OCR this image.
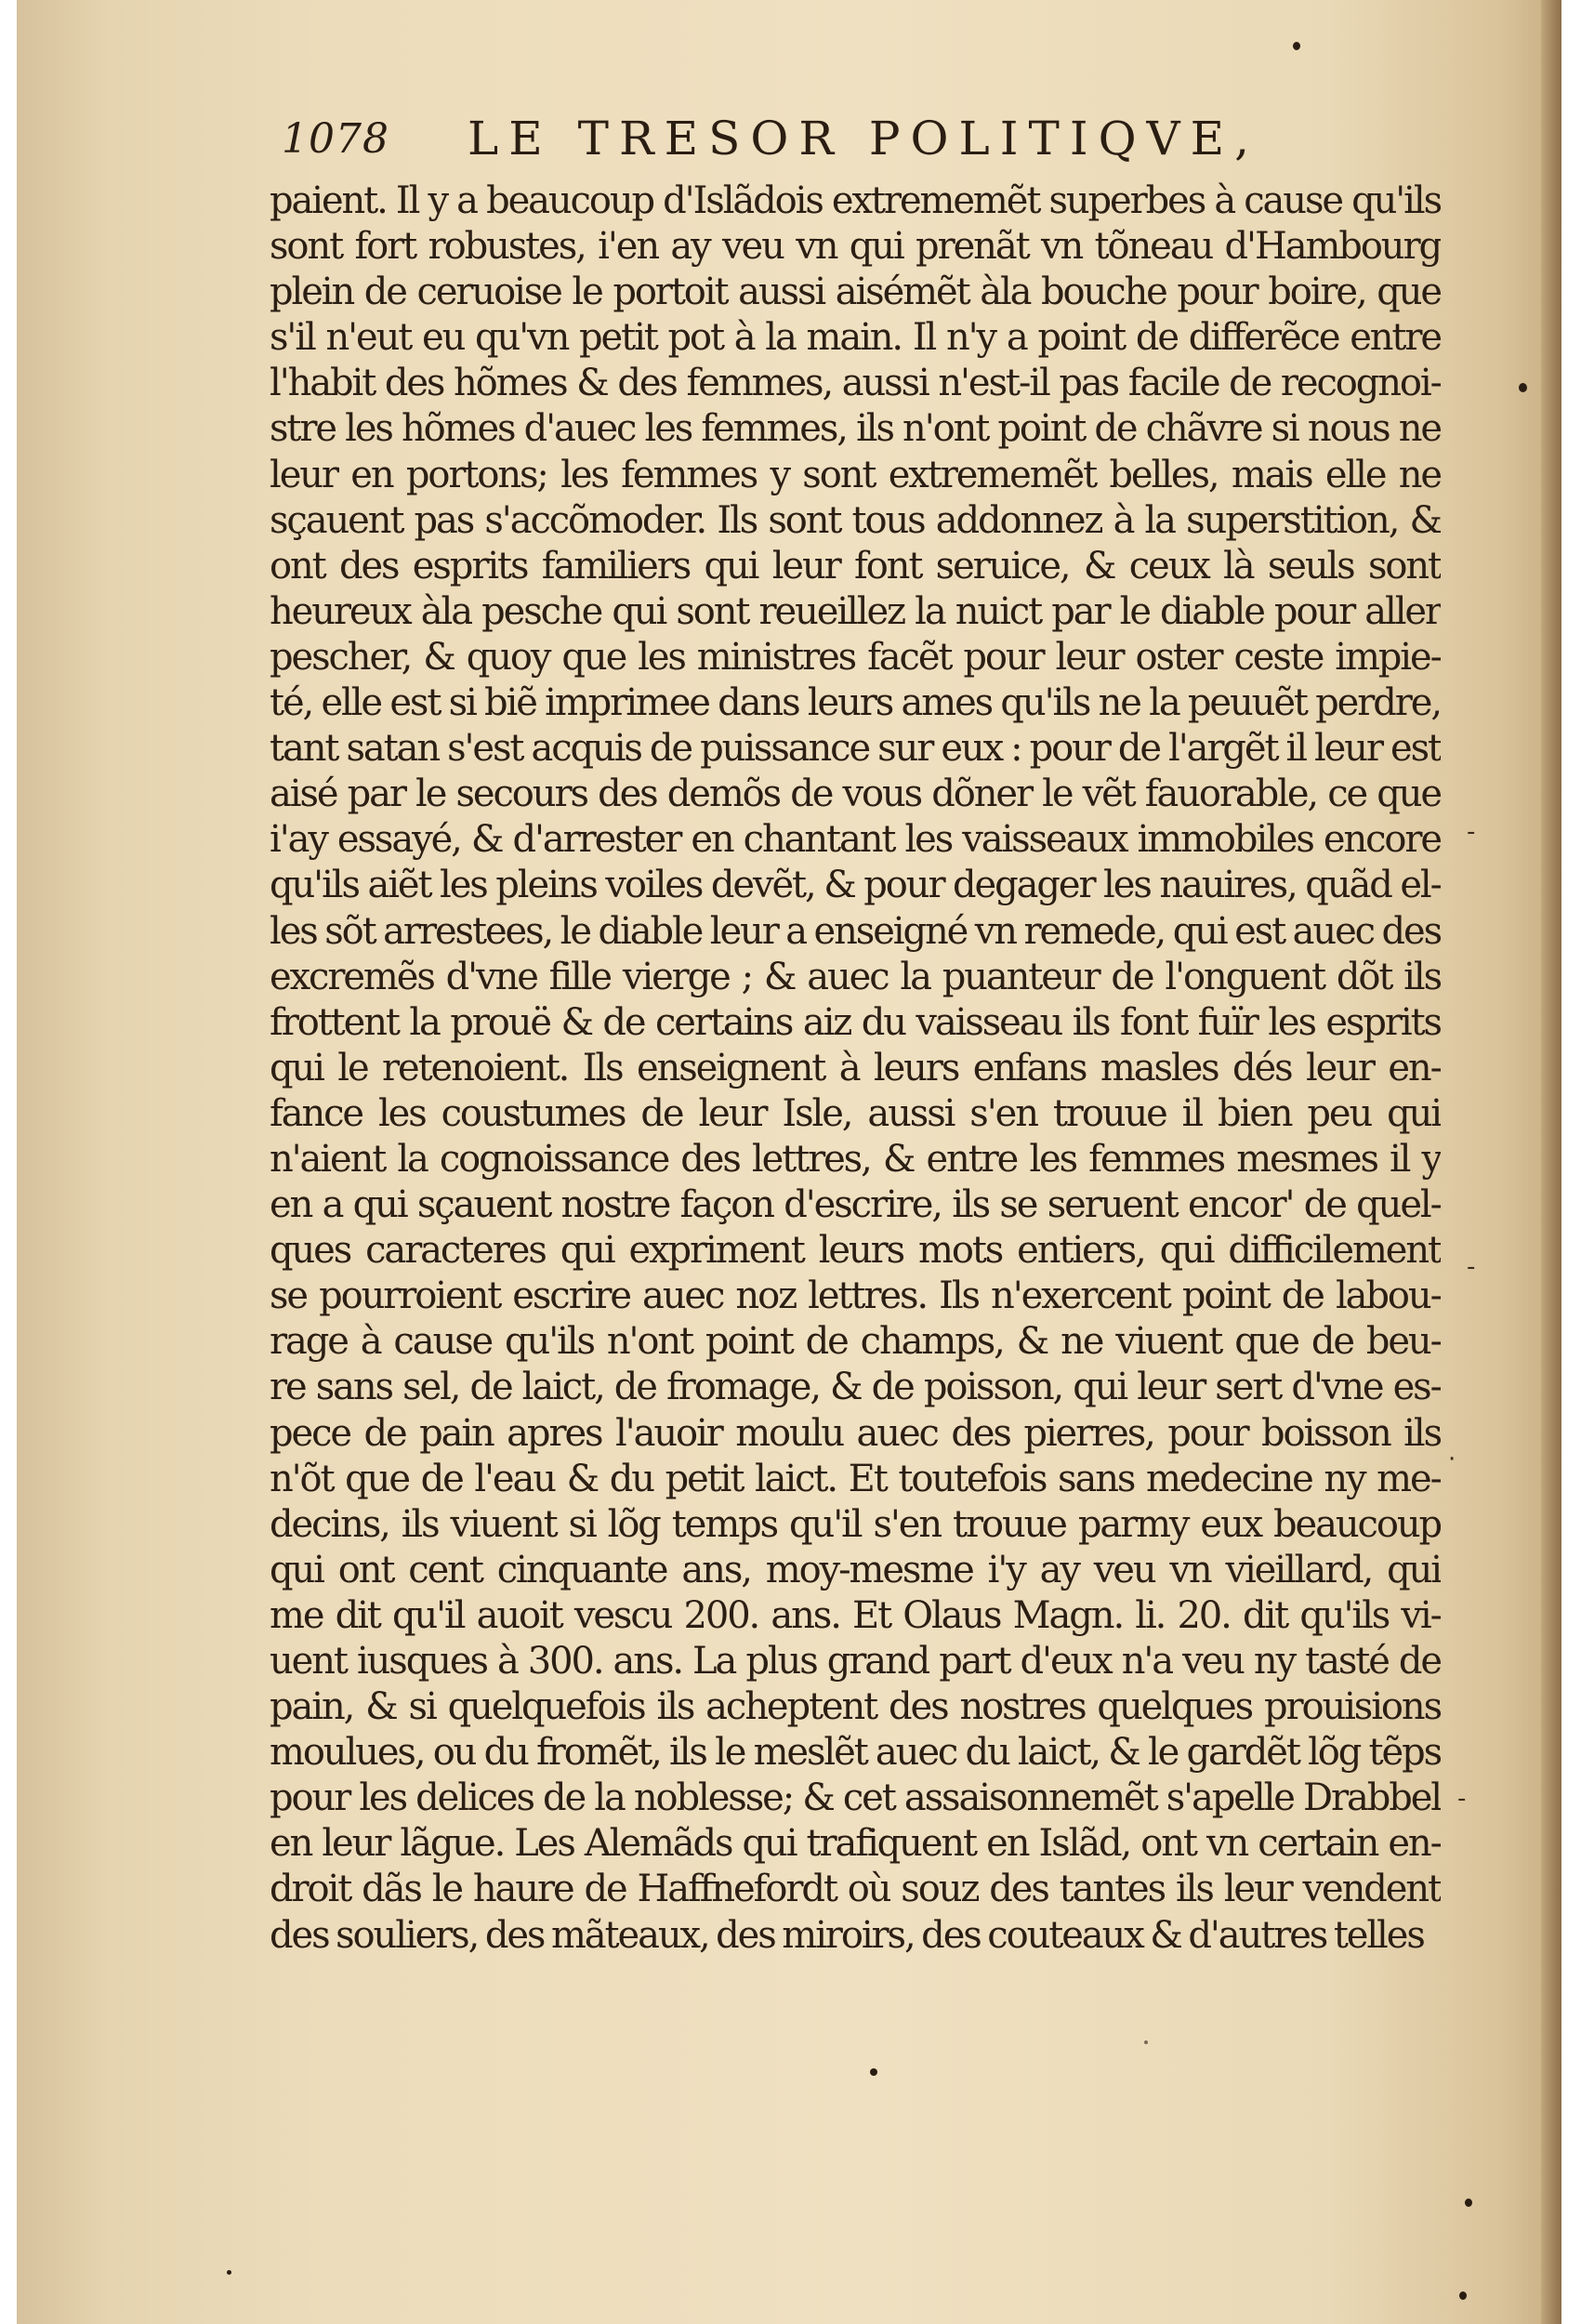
1078 LE TRESOR POLITIQVE,
paient. Il y a beaucoup d'Islãdois extrememẽt superbes à cause qu'ils
sont fort robustes, i'en ay veu vn qui prenãt vn tõneau d'Hambourg
plein de ceruoise le portoit aussi aisémẽt àla bouche pour boire, que
s'il n'eut eu qu'vn petit pot à la main. Il n'y a point de differẽce entre
l'habit des hõmes & des femmes, aussi n'est-il pas facile de recognoi-
stre les hõmes d'auec les femmes, ils n'ont point de chãvre si nous ne
leur en portons; les femmes y sont extrememẽt belles, mais elle ne
sçauent pas s'accõmoder. Ils sont tous addonnez à la superstition, &
ont des esprits familiers qui leur font seruice, & ceux là seuls sont
heureux àla pesche qui sont reueillez la nuict par le diable pour aller
pescher, & quoy que les ministres facẽt pour leur oster ceste impie-
té, elle est si biẽ imprimee dans leurs ames qu'ils ne la peuuẽt perdre,
tant satan s'est acquis de puissance sur eux : pour de l'argẽt il leur est
aisé par le secours des demõs de vous dõner le vẽt fauorable, ce que
i'ay essayé, & d'arrester en chantant les vaisseaux immobiles encore
qu'ils aiẽt les pleins voiles devẽt, & pour degager les nauires, quãd el-
les sõt arrestees, le diable leur a enseigné vn remede, qui est auec des
excremẽs d'vne fille vierge ; & auec la puanteur de l'onguent dõt ils
frottent la prouë & de certains aiz du vaisseau ils font fuïr les esprits
qui le retenoient. Ils enseignent à leurs enfans masles dés leur en-
fance les coustumes de leur Isle, aussi s'en trouue il bien peu qui
n'aient la cognoissance des lettres, & entre les femmes mesmes il y
en a qui sçauent nostre façon d'escrire, ils se seruent encor' de quel-
ques caracteres qui expriment leurs mots entiers, qui difficilement
se pourroient escrire auec noz lettres. Ils n'exercent point de labou-
rage à cause qu'ils n'ont point de champs, & ne viuent que de beu-
re sans sel, de laict, de fromage, & de poisson, qui leur sert d'vne es-
pece de pain apres l'auoir moulu auec des pierres, pour boisson ils
n'õt que de l'eau & du petit laict. Et toutefois sans medecine ny me-
decins, ils viuent si lõg temps qu'il s'en trouue parmy eux beaucoup
qui ont cent cinquante ans, moy-mesme i'y ay veu vn vieillard, qui
me dit qu'il auoit vescu 200. ans. Et Olaus Magn. li. 20. dit qu'ils vi-
uent iusques à 300. ans. La plus grand part d'eux n'a veu ny tasté de
pain, & si quelquefois ils acheptent des nostres quelques prouisions
moulues, ou du fromẽt, ils le meslẽt auec du laict, & le gardẽt lõg tẽps
pour les delices de la noblesse; & cet assaisonnemẽt s'apelle Drabbel
en leur lãgue. Les Alemãds qui trafiquent en Islãd, ont vn certain en-
droit dãs le haure de Haffnefordt où souz des tantes ils leur vendent
des souliers, des mãteaux, des miroirs, des couteaux & d'autres telles
-
-
·
-
